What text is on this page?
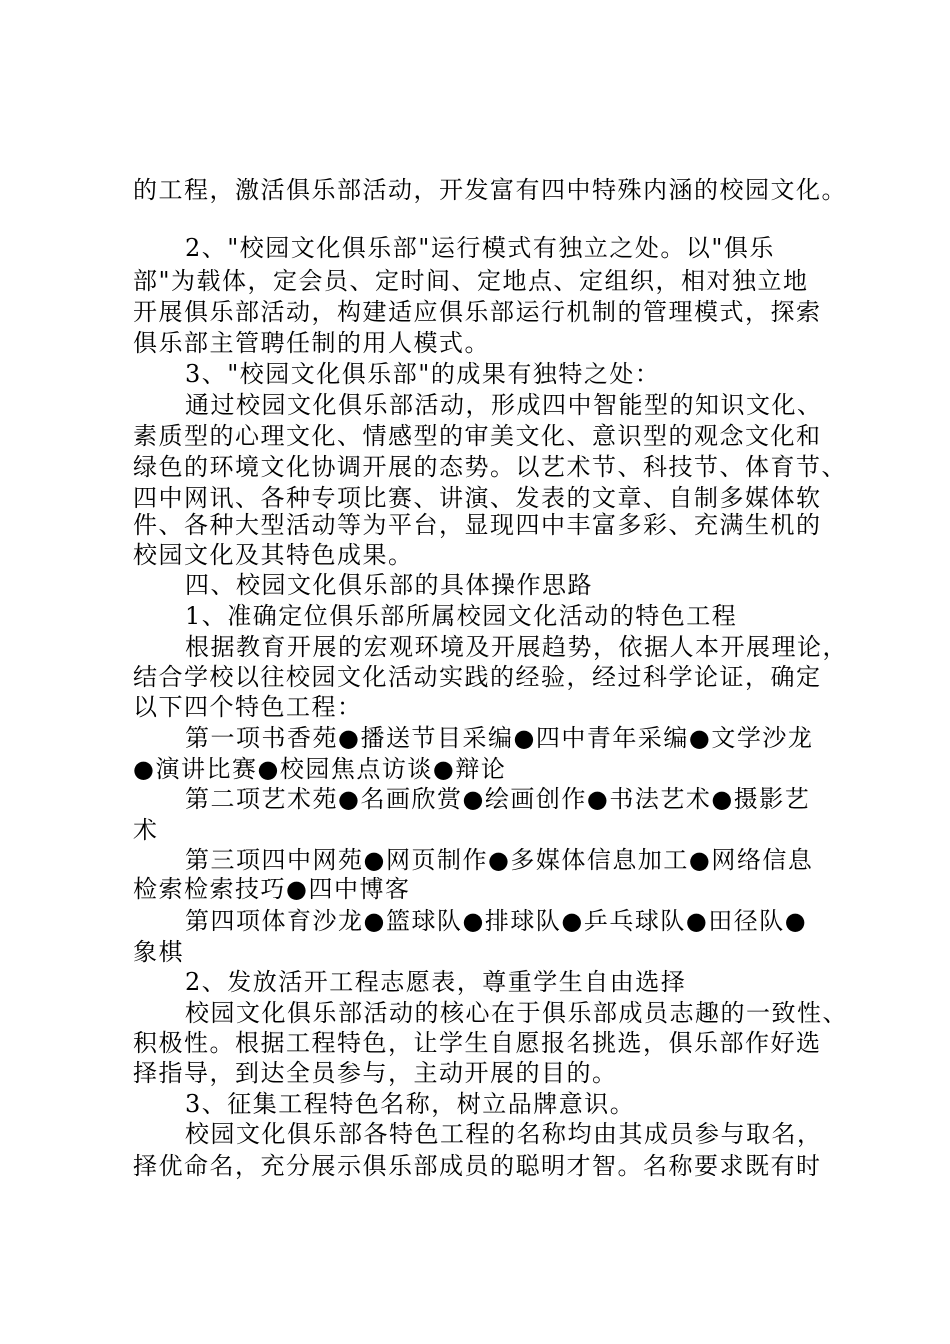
的工程，激活俱乐部活动，开发富有四中特殊内涵的校园文化。
2、"校园文化俱乐部"运行模式有独立之处。以"俱乐
部"为载体，定会员、定时间、定地点、定组织，相对独立地
开展俱乐部活动，构建适应俱乐部运行机制的管理模式，探索
俱乐部主管聘任制的用人模式。
3、"校园文化俱乐部"的成果有独特之处：
通过校园文化俱乐部活动，形成四中智能型的知识文化、
素质型的心理文化、情感型的审美文化、意识型的观念文化和
绿色的环境文化协调开展的态势。以艺术节、科技节、体育节、
四中网讯、各种专项比赛、讲演、发表的文章、自制多媒体软
件、各种大型活动等为平台，显现四中丰富多彩、充满生机的
校园文化及其特色成果。
四、校园文化俱乐部的具体操作思路
1、准确定位俱乐部所属校园文化活动的特色工程
根据教育开展的宏观环境及开展趋势，依据人本开展理论，
结合学校以往校园文化活动实践的经验，经过科学论证，确定
以下四个特色工程：
第一项书香苑●播送节目采编●四中青年采编●文学沙龙
●演讲比赛●校园焦点访谈●辩论
第二项艺术苑●名画欣赏●绘画创作●书法艺术●摄影艺
术
第三项四中网苑●网页制作●多媒体信息加工●网络信息
检索检索技巧●四中博客
第四项体育沙龙●篮球队●排球队●乒乓球队●田径队●
象棋
2、发放活开工程志愿表，尊重学生自由选择
校园文化俱乐部活动的核心在于俱乐部成员志趣的一致性、
积极性。根据工程特色，让学生自愿报名挑选，俱乐部作好选
择指导，到达全员参与，主动开展的目的。
3、征集工程特色名称，树立品牌意识。
校园文化俱乐部各特色工程的名称均由其成员参与取名，
择优命名，充分展示俱乐部成员的聪明才智。名称要求既有时
